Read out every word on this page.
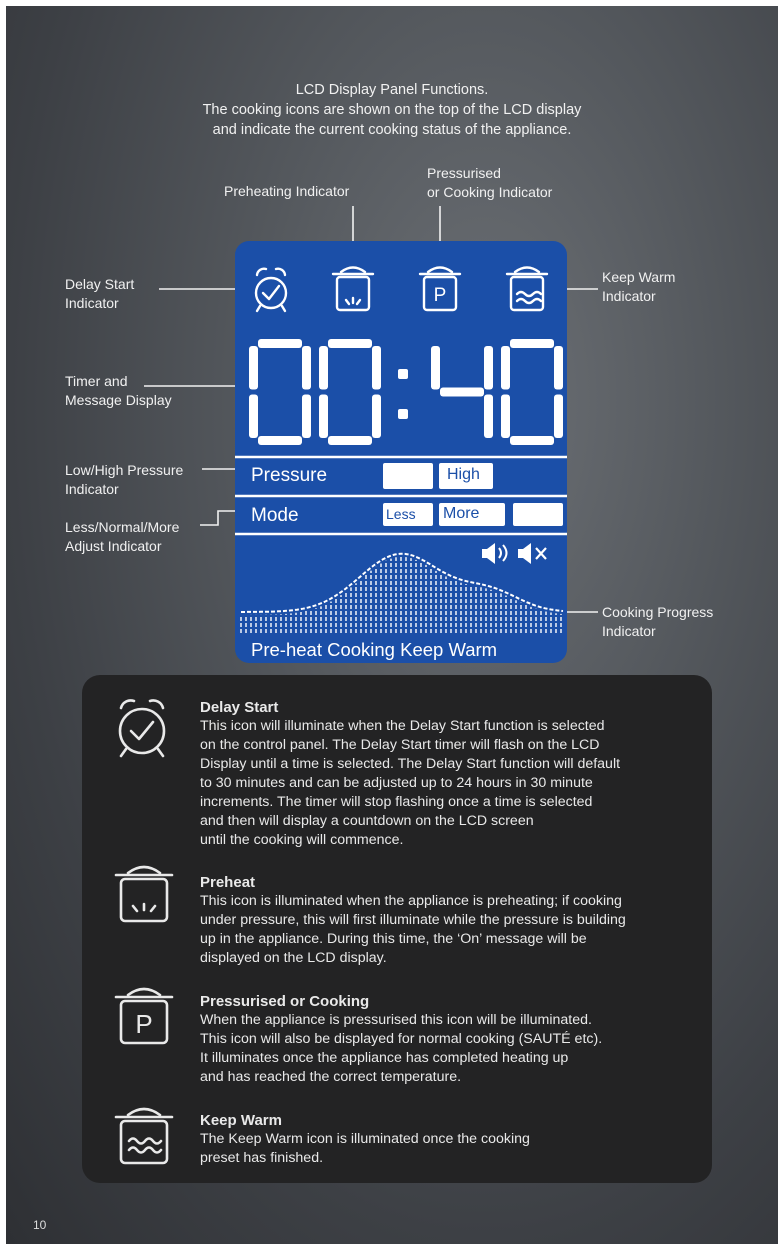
LCD Display Panel Functions.
The cooking icons are shown on the top of the LCD display
and indicate the current cooking status of the appliance.
Preheating Indicator
Pressurised
or Cooking Indicator
Delay Start
Indicator
Keep Warm
Indicator
Timer and
Message Display
Low/High Pressure
Indicator
Less/Normal/More
Adjust Indicator
Cooking Progress
Indicator
P
Pressure	High
Mode	Less	More
Pre-heat Cooking Keep Warm
P
Delay Start
This icon will illuminate when the Delay Start function is selected
on the control panel. The Delay Start timer will flash on the LCD
Display until a time is selected. The Delay Start function will default
to 30 minutes and can be adjusted up to 24 hours in 30 minute
increments. The timer will stop flashing once a time is selected
and then will display a countdown on the LCD screen
until the cooking will commence.
Preheat
This icon is illuminated when the appliance is preheating; if cooking
under pressure, this will first illuminate while the pressure is building
up in the appliance. During this time, the ‘On’ message will be
displayed on the LCD display.
Pressurised or Cooking
When the appliance is pressurised this icon will be illuminated.
This icon will also be displayed for normal cooking (SAUTÉ etc).
It illuminates once the appliance has completed heating up
and has reached the correct temperature.
Keep Warm
The Keep Warm icon is illuminated once the cooking
preset has finished.
10
